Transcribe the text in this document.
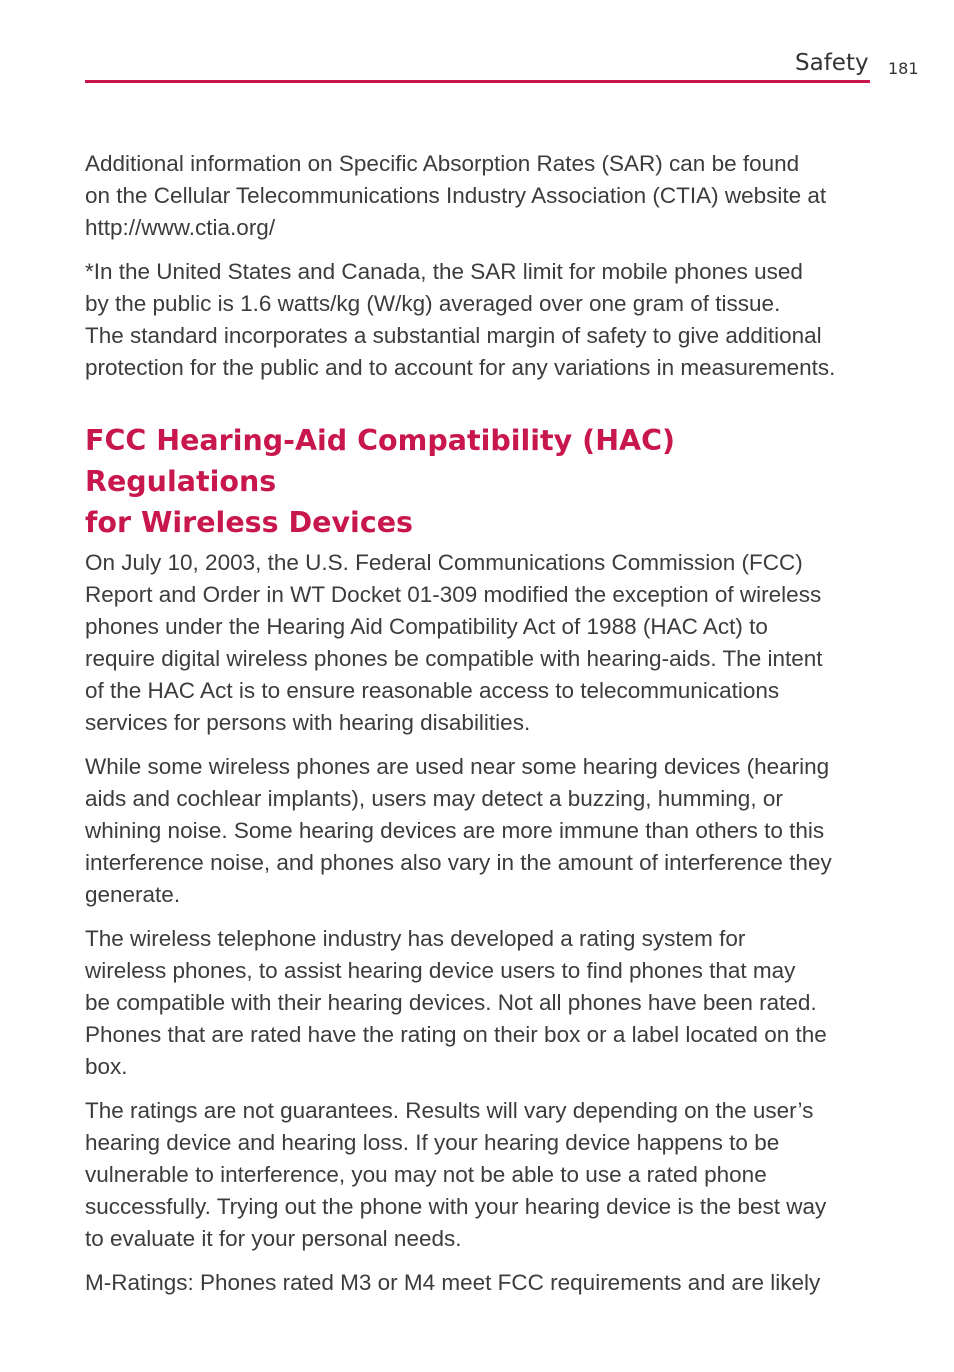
Safety 181

Additional information on Specific Absorption Rates (SAR) can be found
on the Cellular Telecommunications Industry Association (CTIA) website at
http://www.ctia.org/

*In the United States and Canada, the SAR limit for mobile phones used
by the public is 1.6 watts/kg (W/kg) averaged over one gram of tissue.
The standard incorporates a substantial margin of safety to give additional
protection for the public and to account for any variations in measurements.

FCC Hearing-Aid Compatibility (HAC) Regulations
for Wireless Devices

On July 10, 2003, the U.S. Federal Communications Commission (FCC)
Report and Order in WT Docket 01-309 modified the exception of wireless
phones under the Hearing Aid Compatibility Act of 1988 (HAC Act) to
require digital wireless phones be compatible with hearing-aids. The intent
of the HAC Act is to ensure reasonable access to telecommunications
services for persons with hearing disabilities.

While some wireless phones are used near some hearing devices (hearing
aids and cochlear implants), users may detect a buzzing, humming, or
whining noise. Some hearing devices are more immune than others to this
interference noise, and phones also vary in the amount of interference they
generate.

The wireless telephone industry has developed a rating system for
wireless phones, to assist hearing device users to find phones that may
be compatible with their hearing devices. Not all phones have been rated.
Phones that are rated have the rating on their box or a label located on the
box.

The ratings are not guarantees. Results will vary depending on the user’s
hearing device and hearing loss. If your hearing device happens to be
vulnerable to interference, you may not be able to use a rated phone
successfully. Trying out the phone with your hearing device is the best way
to evaluate it for your personal needs.

M-Ratings: Phones rated M3 or M4 meet FCC requirements and are likely
